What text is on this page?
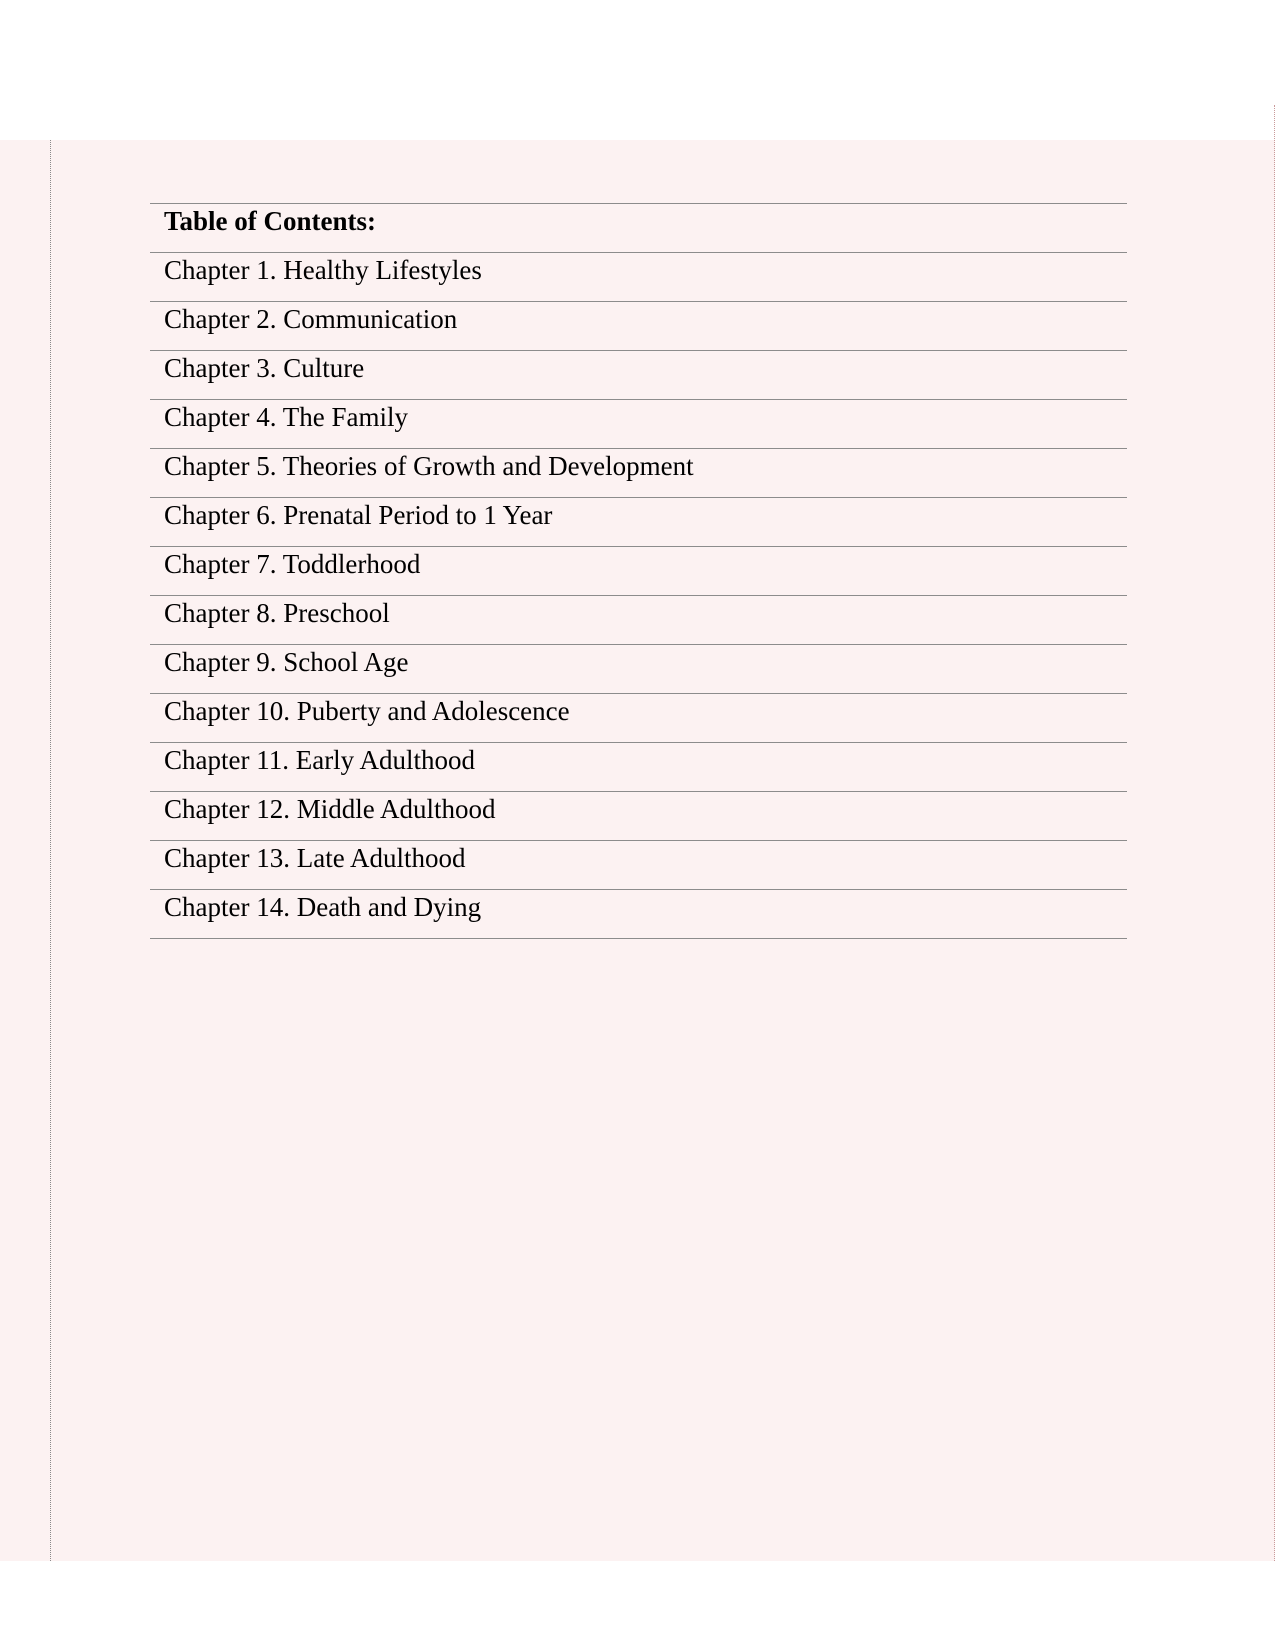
Table of Contents:
Chapter 1. Healthy Lifestyles
Chapter 2. Communication
Chapter 3. Culture
Chapter 4. The Family
Chapter 5. Theories of Growth and Development
Chapter 6. Prenatal Period to 1 Year
Chapter 7. Toddlerhood
Chapter 8. Preschool
Chapter 9. School Age
Chapter 10. Puberty and Adolescence
Chapter 11. Early Adulthood
Chapter 12. Middle Adulthood
Chapter 13. Late Adulthood
Chapter 14. Death and Dying
